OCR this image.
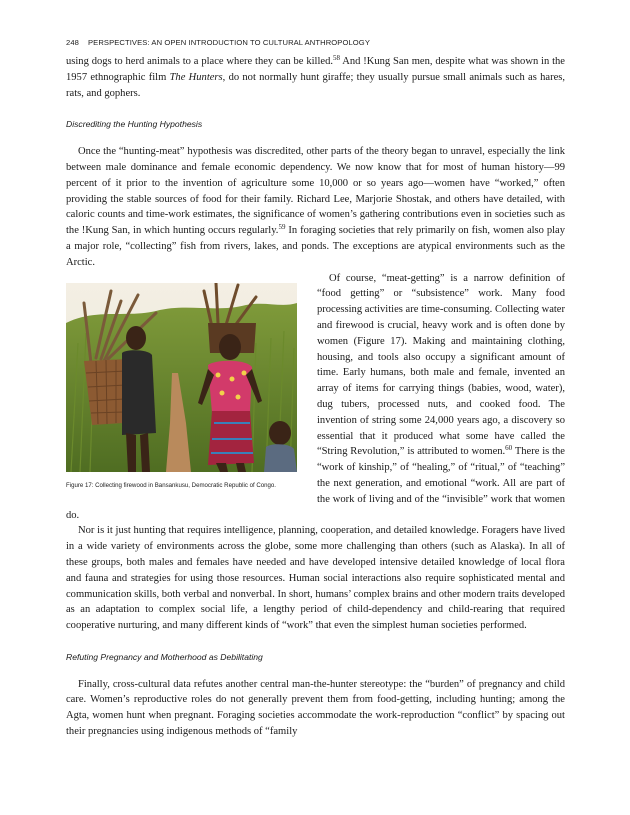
248 PERSPECTIVES: AN OPEN INTRODUCTION TO CULTURAL ANTHROPOLOGY

using dogs to herd animals to a place where they can be killed.$^{58}$ And !Kung San men, despite what was shown in the 1957 ethnographic film The Hunters, do not normally hunt giraffe; they usually pursue small animals such as hares, rats, and gophers.

Discrediting the Hunting Hypothesis

Once the “hunting-meat” hypothesis was discredited, other parts of the theory began to unravel, especially the link between male dominance and female economic dependency. We now know that for most of human history—99 percent of it prior to the invention of agriculture some 10,000 or so years ago—women have “worked,” often providing the stable sources of food for their family. Richard Lee, Marjorie Shostak, and others have detailed, with caloric counts and time-work estimates, the significance of women’s gathering contributions even in societies such as the !Kung San, in which hunting occurs regularly.$^{59}$ In foraging societies that rely primarily on fish, women also play a major role, “collecting” fish from rivers, lakes, and ponds. The exceptions are atypical environments such as the Arctic.

Figure 17: Collecting firewood in Bansankusu, Democratic Republic of Congo.

Of course, “meat-getting” is a narrow definition of “food getting” or “subsistence” work. Many food processing activities are time-consuming. Collecting water and firewood is crucial, heavy work and is often done by women (Figure 17). Making and maintaining clothing, housing, and tools also occupy a significant amount of time. Early humans, both male and female, invented an array of items for carrying things (babies, wood, water), dug tubers, processed nuts, and cooked food. The invention of string some 24,000 years ago, a discovery so essential that it produced what some have called the “String Revolution,” is attributed to women.$^{60}$ There is the “work of kinship,” of “healing,” of “ritual,” of “teaching” the next generation, and emotional “work. All are part of the work of living and of the “invisible” work that women do.

Nor is it just hunting that requires intelligence, planning, cooperation, and detailed knowledge. Foragers have lived in a wide variety of environments across the globe, some more challenging than others (such as Alaska). In all of these groups, both males and females have needed and have developed intensive detailed knowledge of local flora and fauna and strategies for using those resources. Human social interactions also require sophisticated mental and communication skills, both verbal and nonverbal. In short, humans’ complex brains and other modern traits developed as an adaptation to complex social life, a lengthy period of child-dependency and child-rearing that required cooperative nurturing, and many different kinds of “work” that even the simplest human societies performed.

Refuting Pregnancy and Motherhood as Debilitating

Finally, cross-cultural data refutes another central man-the-hunter stereotype: the “burden” of pregnancy and child care. Women’s reproductive roles do not generally prevent them from food-getting, including hunting; among the Agta, women hunt when pregnant. Foraging societies accommodate the work-reproduction “conflict” by spacing out their pregnancies using indigenous methods of “family
